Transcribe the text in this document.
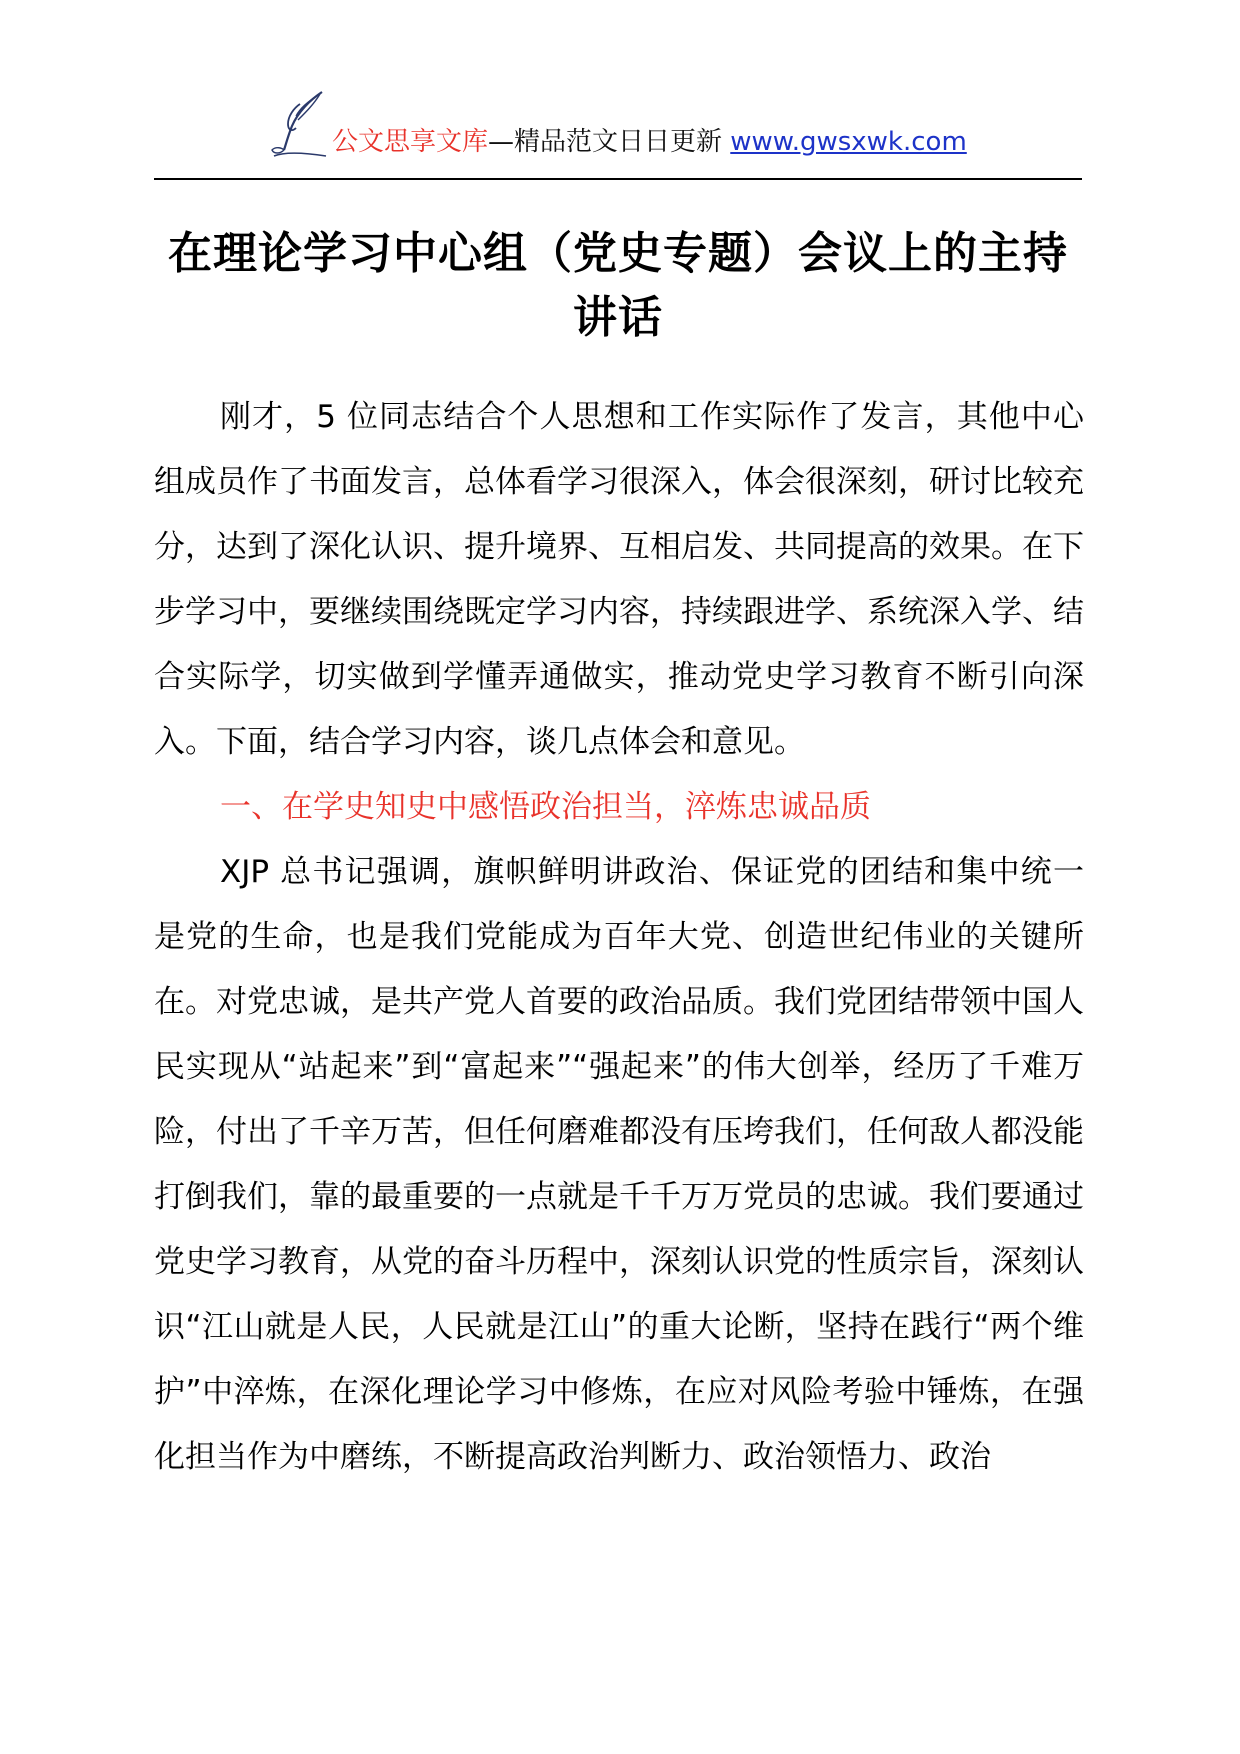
公文思享文库—精品范文日日更新 www.gwsxwk.com
在理论学习中心组（党史专题）会议上的主持
讲话

刚才，5 位同志结合个人思想和工作实际作了发言，其他中心组成员作了书面发言，总体看学习很深入，体会很深刻，研讨比较充分，达到了深化认识、提升境界、互相启发、共同提高的效果。在下步学习中，要继续围绕既定学习内容，持续跟进学、系统深入学、结合实际学，切实做到学懂弄通做实，推动党史学习教育不断引向深入。下面，结合学习内容，谈几点体会和意见。

一、在学史知史中感悟政治担当，淬炼忠诚品质

XJP 总书记强调，旗帜鲜明讲政治、保证党的团结和集中统一是党的生命，也是我们党能成为百年大党、创造世纪伟业的关键所在。对党忠诚，是共产党人首要的政治品质。我们党团结带领中国人民实现从“站起来”到“富起来”“强起来”的伟大创举，经历了千难万险，付出了千辛万苦，但任何磨难都没有压垮我们，任何敌人都没能打倒我们，靠的最重要的一点就是千千万万党员的忠诚。我们要通过党史学习教育，从党的奋斗历程中，深刻认识党的性质宗旨，深刻认识“江山就是人民，人民就是江山”的重大论断，坚持在践行“两个维护”中淬炼，在深化理论学习中修炼，在应对风险考验中锤炼，在强化担当作为中磨练，不断提高政治判断力、政治领悟力、政治
